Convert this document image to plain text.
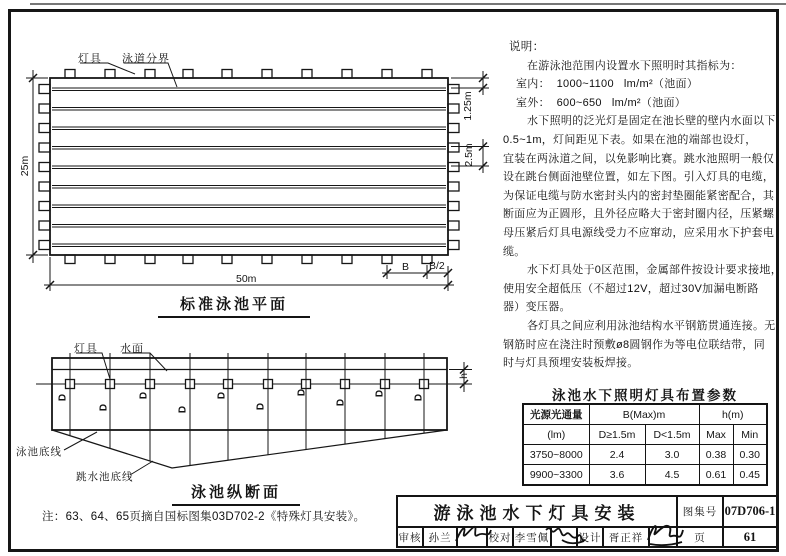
灯具 泳道分界
25m
50m
1.25m
2.5m
B B/2
标准泳池平面
灯具 水面
h
泳池底线
跳水池底线
泳池纵断面
D
D
D
D
D
D
D
D
D
D
注：63、64、65页摘自国标图集03D702-2《特殊灯具安装》。
说明：
在游泳池范围内设置水下照明时其指标为：
室内：  1000~1100   lm/m²（池面）
室外：  600~650   lm/m²（池面）
水下照明的泛光灯是固定在池长壁的壁内水面以下
0.5~1m，灯间距见下表。如果在池的端部也设灯，
宜装在两泳道之间，以免影响比赛。跳水池照明一般仅
设在跳台侧面池壁位置，如左下图。引入灯具的电缆，
为保证电缆与防水密封头内的密封垫圈能紧密配合，其
断面应为正圆形，且外径应略大于密封圈内径，压紧螺
母压紧后灯具电源线受力不应窜动，应采用水下护套电
缆。
水下灯具处于0区范围，金属部件按设计要求接地，
使用安全超低压（不超过12V，超过30V加漏电断路
器）变压器。
各灯具之间应利用泳池结构水平钢筋贯通连接。无
钢筋时应在浇注时预敷ø8圆钢作为等电位联结带，同
时与灯具预埋安装板焊接。
泳池水下照明灯具布置参数
光源光通量	B(Max)m		h(m)	
(lm)	D≥1.5m	D<1.5m	Max	Min
3750~8000	2.4	3.0	0.38	0.30
9900~3300	3.6	4.5	0.61	0.45
游泳池水下灯具安装									图集号	07D706-1
审核	孙兰		校对	李雪佩		设计	胥正祥		页	61
